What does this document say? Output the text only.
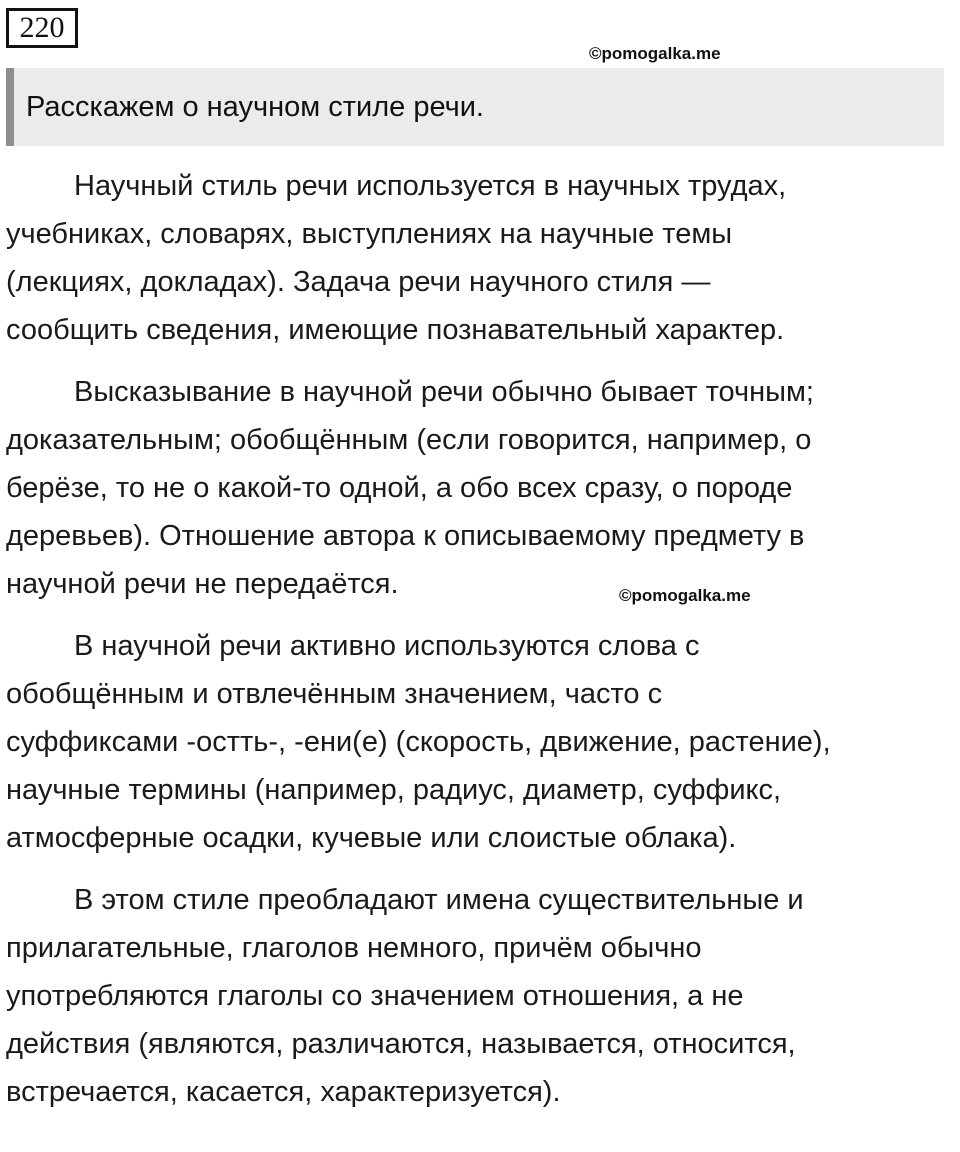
220
©pomogalka.me
Расскажем о научном стиле речи.

Научный стиль речи используется в научных трудах,
учебниках, словарях, выступлениях на научные темы
(лекциях, докладах). Задача речи научного стиля —
сообщить сведения, имеющие познавательный характер.

Высказывание в научной речи обычно бывает точным;
доказательным; обобщённым (если говорится, например, о
берёзе, то не о какой-то одной, а обо всех сразу, о породе
деревьев). Отношение автора к описываемому предмету в
научной речи не передаётся.

В научной речи активно используются слова с
обобщённым и отвлечённым значением, часто с
суффиксами -остть-, -ени(е) (скорость, движение, растение),
научные термины (например, радиус, диаметр, суффикс,
атмосферные осадки, кучевые или слоистые облака).

В этом стиле преобладают имена существительные и
прилагательные, глаголов немного, причём обычно
употребляются глаголы со значением отношения, а не
действия (являются, различаются, называется, относится,
встречается, касается, характеризуется).

©pomogalka.me
